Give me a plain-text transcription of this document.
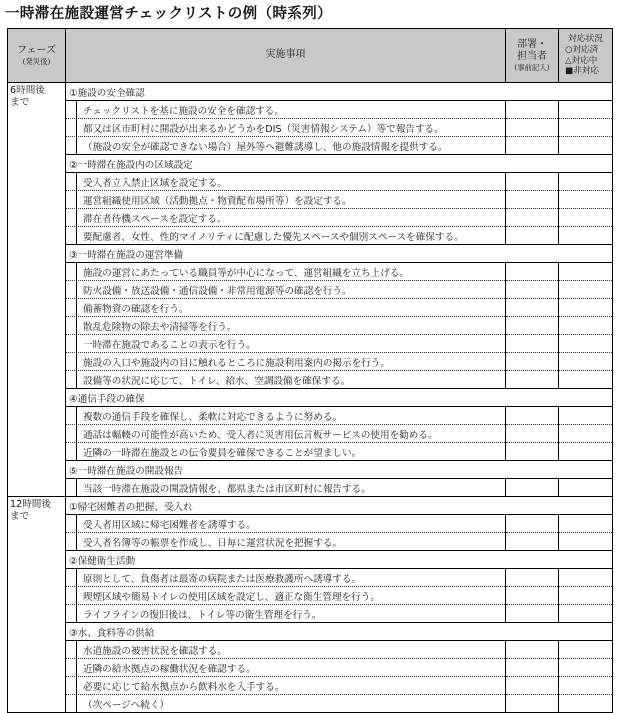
一時滞在施設運営チェックリストの例（時系列）
フェーズ
(発災後)	実施事項	部署・
担当者
(事前記入)	対応状況
○対応済
△対応中
■非対応

6時間後
まで	①施設の安全確認		
	チェックリストを基に施設の安全を確認する。		
	都又は区市町村に開設が出来るかどうかをDIS（災害情報システム）等で報告する。		
	（施設の安全が確認できない場合）屋外等へ避難誘導し、他の施設情報を提供する。		
	②一時滞在施設内の区域設定		
	受入者立入禁止区域を設定する。		
	運営組織使用区域（活動拠点・物資配布場所等）を設定する。		
	滞在者待機スペースを設定する。		
	要配慮者、女性、性的マイノリティに配慮した優先スペースや個別スペースを確保する。		
	③一時滞在施設の運営準備		
	施設の運営にあたっている職員等が中心になって、運営組織を立ち上げる。		
	防火設備・放送設備・通信設備・非常用電源等の確認を行う。		
	備蓄物資の確認を行う。		
	散乱危険物の除去や清掃等を行う。		
	一時滞在施設であることの表示を行う。		
	施設の入口や施設内の目に触れるところに施設利用案内の掲示を行う。		
	設備等の状況に応じて、トイレ、給水、空調設備を確保する。		
	④通信手段の確保		
	複数の通信手段を確保し、柔軟に対応できるように努める。		
	通話は輻輳の可能性が高いため、受入者に災害用伝言板サービスの使用を勧める。		
	近隣の一時滞在施設との伝令要員を確保できることが望ましい。		
	⑤一時滞在施設の開設報告		
	当該一時滞在施設の開設情報を、都県または市区町村に報告する。		

12時間後
まで	①帰宅困難者の把握、受入れ		
	受入者用区域に帰宅困難者を誘導する。		
	受入者名簿等の帳票を作成し、日毎に運営状況を把握する。		
	②保健衛生活動		
	原則として、負傷者は最寄の病院または医療救護所へ誘導する。		
	喫煙区域や簡易トイレの使用区域を設定し、適正な衛生管理を行う。		
	ライフラインの復旧後は、トイレ等の衛生管理を行う。		
	③水、食料等の供給		
	水道施設の被害状況を確認する。		
	近隣の給水拠点の稼働状況を確認する。		
	必要に応じて給水拠点から飲料水を入手する。		
	（次ページへ続く）		
